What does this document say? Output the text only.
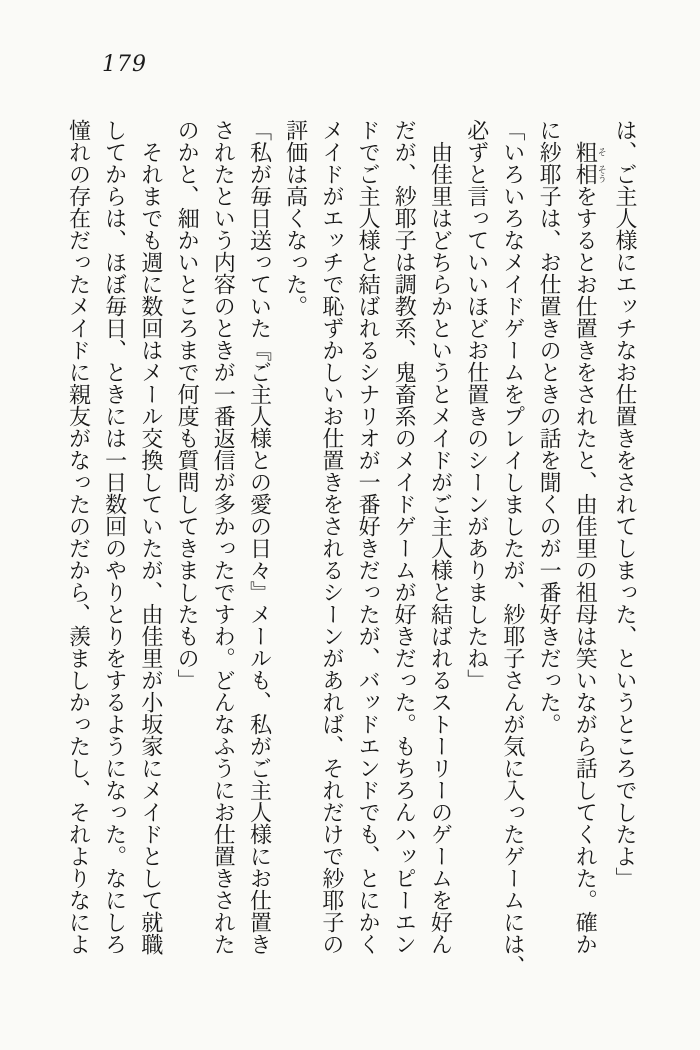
179
は、ご主人様にエッチなお仕置きをされてしまった、というところでしたよ」
粗そ相そうをするとお仕置きをされたと、由佳里の祖母は笑いながら話してくれた。確か
に紗耶子は、お仕置きのときの話を聞くのが一番好きだった。
「いろいろなメイドゲームをプレイしましたが、紗耶子さんが気に入ったゲームには、
必ずと言っていいほどお仕置きのシーンがありましたね」
由佳里はどちらかというとメイドがご主人様と結ばれるストーリーのゲームを好ん
だが、紗耶子は調教系、鬼畜系のメイドゲームが好きだった。もちろんハッピーエン
ドでご主人様と結ばれるシナリオが一番好きだったが、バッドエンドでも、とにかく
メイドがエッチで恥ずかしいお仕置きをされるシーンがあれば、それだけで紗耶子の
評価は高くなった。
「私が毎日送っていた『ご主人様との愛の日々』メールも、私がご主人様にお仕置き
されたという内容のときが一番返信が多かったですわ。どんなふうにお仕置きされた
のかと、細かいところまで何度も質問してきましたもの」
それまでも週に数回はメール交換していたが、由佳里が小坂家にメイドとして就職
してからは、ほぼ毎日、ときには一日数回のやりとりをするようになった。なにしろ
憧れの存在だったメイドに親友がなったのだから、羨ましかったし、それよりなによ
